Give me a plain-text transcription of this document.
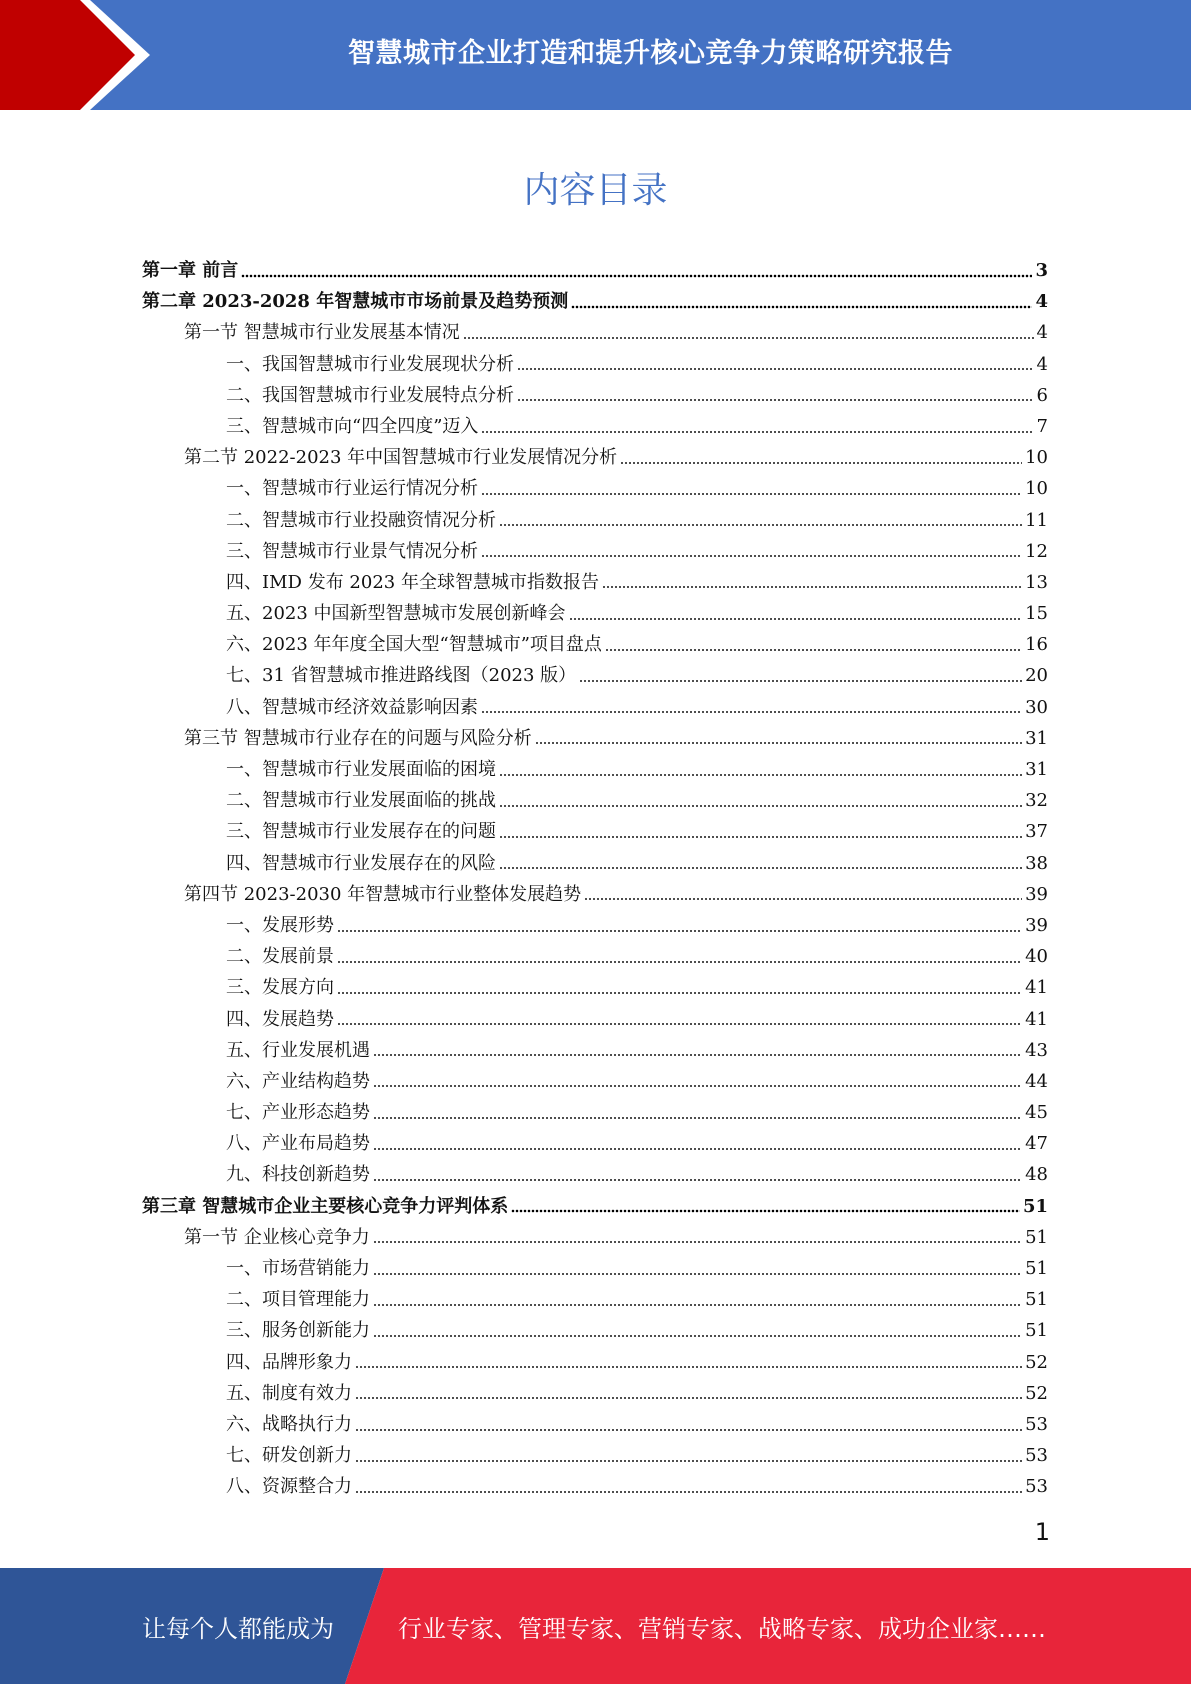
智慧城市企业打造和提升核心竞争力策略研究报告
内容目录
第一章 前言	3
第二章 2023-2028 年智慧城市市场前景及趋势预测	4
第一节 智慧城市行业发展基本情况	4
一、我国智慧城市行业发展现状分析	4
二、我国智慧城市行业发展特点分析	6
三、智慧城市向“四全四度”迈入	7
第二节 2022-2023 年中国智慧城市行业发展情况分析	10
一、智慧城市行业运行情况分析	10
二、智慧城市行业投融资情况分析	11
三、智慧城市行业景气情况分析	12
四、IMD 发布 2023 年全球智慧城市指数报告	13
五、2023 中国新型智慧城市发展创新峰会	15
六、2023 年年度全国大型“智慧城市”项目盘点	16
七、31 省智慧城市推进路线图（2023 版）	20
八、智慧城市经济效益影响因素	30
第三节 智慧城市行业存在的问题与风险分析	31
一、智慧城市行业发展面临的困境	31
二、智慧城市行业发展面临的挑战	32
三、智慧城市行业发展存在的问题	37
四、智慧城市行业发展存在的风险	38
第四节 2023-2030 年智慧城市行业整体发展趋势	39
一、发展形势	39
二、发展前景	40
三、发展方向	41
四、发展趋势	41
五、行业发展机遇	43
六、产业结构趋势	44
七、产业形态趋势	45
八、产业布局趋势	47
九、科技创新趋势	48
第三章 智慧城市企业主要核心竞争力评判体系	51
第一节 企业核心竞争力	51
一、市场营销能力	51
二、项目管理能力	51
三、服务创新能力	51
四、品牌形象力	52
五、制度有效力	52
六、战略执行力	53
七、研发创新力	53
八、资源整合力	53
1
让每个人都能成为	行业专家、管理专家、营销专家、战略专家、成功企业家……
